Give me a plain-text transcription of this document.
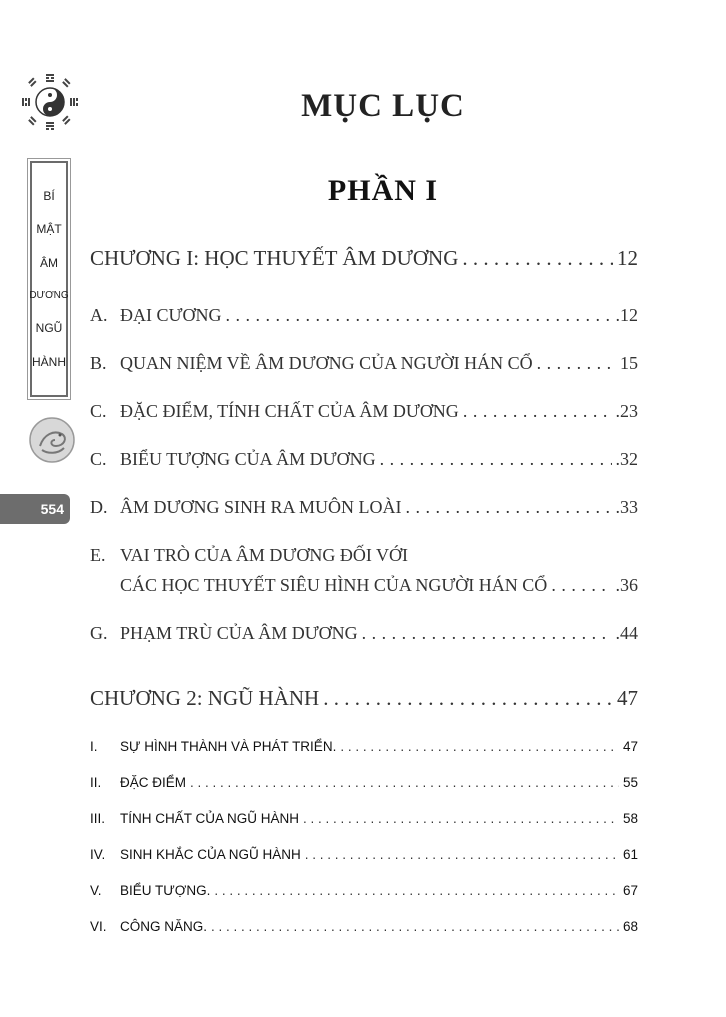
BÍ
MẬT
ÂM
DƯƠNG
NGŨ
HÀNH
554
MỤC LỤC
PHẦN I
CHƯƠNG I: HỌC THUYẾT ÂM DƯƠNG . . .	12
A. ĐẠI CƯƠNG . . .	.12
B. QUAN NIỆM VỀ ÂM DƯƠNG CỦA NGƯỜI HÁN CỔ . . .	15
C. ĐẶC ĐIỂM, TÍNH CHẤT CỦA ÂM DƯƠNG . . .	.23
C. BIỂU TƯỢNG CỦA ÂM DƯƠNG . . .	.32
D. ÂM DƯƠNG SINH RA MUÔN LOÀI . . .	.33
E. VAI TRÒ CỦA ÂM DƯƠNG ĐỐI VỚI
CÁC HỌC THUYẾT SIÊU HÌNH CỦA NGƯỜI HÁN CỔ . . .	.36
G. PHẠM TRÙ CỦA ÂM DƯƠNG . . .	.44
CHƯƠNG 2: NGŨ HÀNH . . .	47
I. SỰ HÌNH THÀNH VÀ PHÁT TRIỂN. . . .	47
II. ĐẶC ĐIỂM . . .	55
III. TÍNH CHẤT CỦA NGŨ HÀNH . . .	58
IV. SINH KHẮC CỦA NGŨ HÀNH . . .	61
V. BIỂU TƯỢNG. . . .	67
VI. CÔNG NĂNG. . . .	68
